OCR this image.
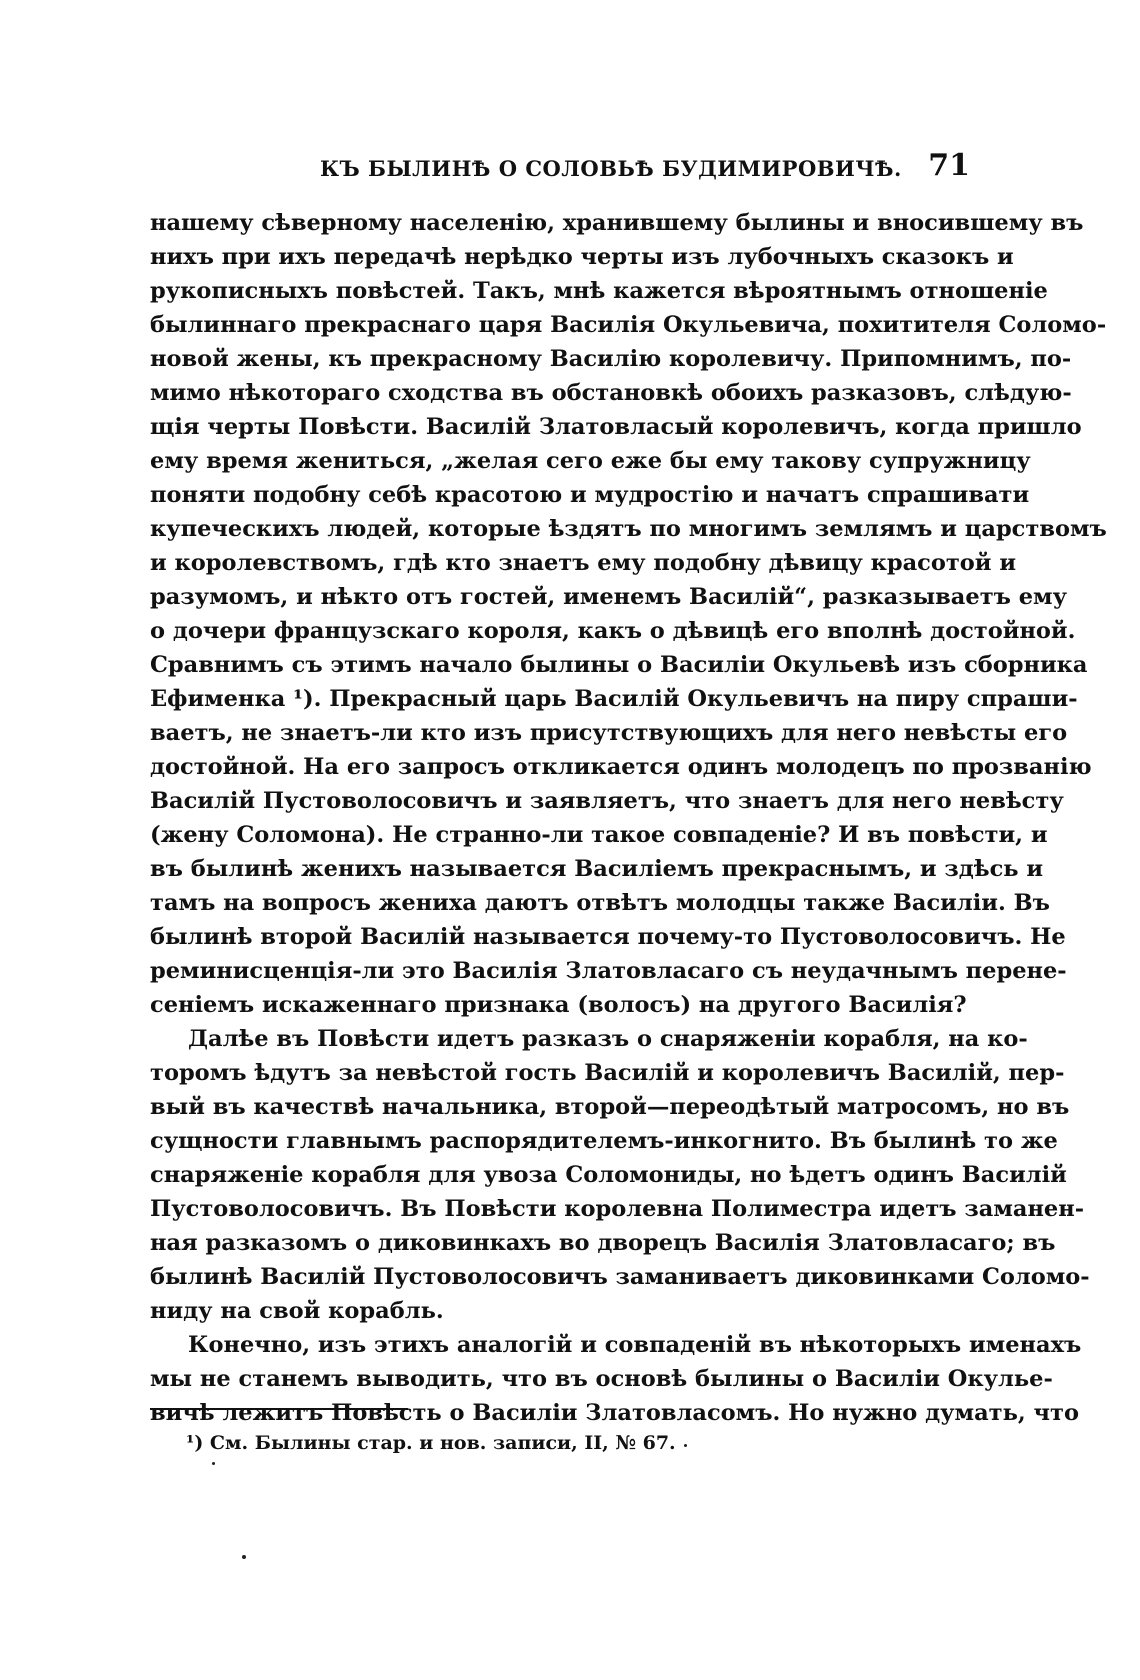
КЪ БЫЛИНѢ О СОЛОВЬѢ БУДИМИРОВИЧѢ. 71
нашему сѣверному населенію, хранившему былины и вносившему въ
нихъ при ихъ передачѣ нерѣдко черты изъ лубочныхъ сказокъ и
рукописныхъ повѣстей. Такъ, мнѣ кажется вѣроятнымъ отношеніе
былиннаго прекраснаго царя Василія Окульевича, похитителя Соломо-
новой жены, къ прекрасному Василію королевичу. Припомнимъ, по-
мимо нѣкотораго сходства въ обстановкѣ обоихъ разказовъ, слѣдую-
щія черты Повѣсти. Василій Златовласый королевичъ, когда пришло
ему время жениться, „желая сего еже бы ему такову супружницу
поняти подобну себѣ красотою и мудростію и начатъ спрашивати
купеческихъ людей, которые ѣздятъ по многимъ землямъ и царствомъ
и королевствомъ, гдѣ кто знаетъ ему подобну дѣвицу красотой и
разумомъ, и нѣкто отъ гостей, именемъ Василій“, разказываетъ ему
о дочери французскаго короля, какъ о дѣвицѣ его вполнѣ достойной.
Сравнимъ съ этимъ начало былины о Василіи Окульевѣ изъ сборника
Ефименка ¹). Прекрасный царь Василій Окульевичъ на пиру спраши-
ваетъ, не знаетъ-ли кто изъ присутствующихъ для него невѣсты его
достойной. На его запросъ откликается одинъ молодецъ по прозванію
Василій Пустоволосовичъ и заявляетъ, что знаетъ для него невѣсту
(жену Соломона). Не странно-ли такое совпаденіе? И въ повѣсти, и
въ былинѣ женихъ называется Василіемъ прекраснымъ, и здѣсь и
тамъ на вопросъ жениха даютъ отвѣтъ молодцы также Василіи. Въ
былинѣ второй Василій называется почему-то Пустоволосовичъ. Не
реминисценція-ли это Василія Златовласаго съ неудачнымъ перене-
сеніемъ искаженнаго признака (волосъ) на другого Василія?
Далѣе въ Повѣсти идетъ разказъ о снаряженіи корабля, на ко-
торомъ ѣдутъ за невѣстой гость Василій и королевичъ Василій, пер-
вый въ качествѣ начальника, второй—переодѣтый матросомъ, но въ
сущности главнымъ распорядителемъ-инкогнито. Въ былинѣ то же
снаряженіе корабля для увоза Соломониды, но ѣдетъ одинъ Василій
Пустоволосовичъ. Въ Повѣсти королевна Полиместра идетъ заманен-
ная разказомъ о диковинкахъ во дворецъ Василія Златовласаго; въ
былинѣ Василій Пустоволосовичъ заманиваетъ диковинками Соломо-
ниду на свой корабль.
Конечно, изъ этихъ аналогій и совпаденій въ нѣкоторыхъ именахъ
мы не станемъ выводить, что въ основѣ былины о Василіи Окулье-
вичѣ лежитъ Повѣсть о Василіи Златовласомъ. Но нужно думать, что
¹) См. Былины стар. и нов. записи, II, № 67.
